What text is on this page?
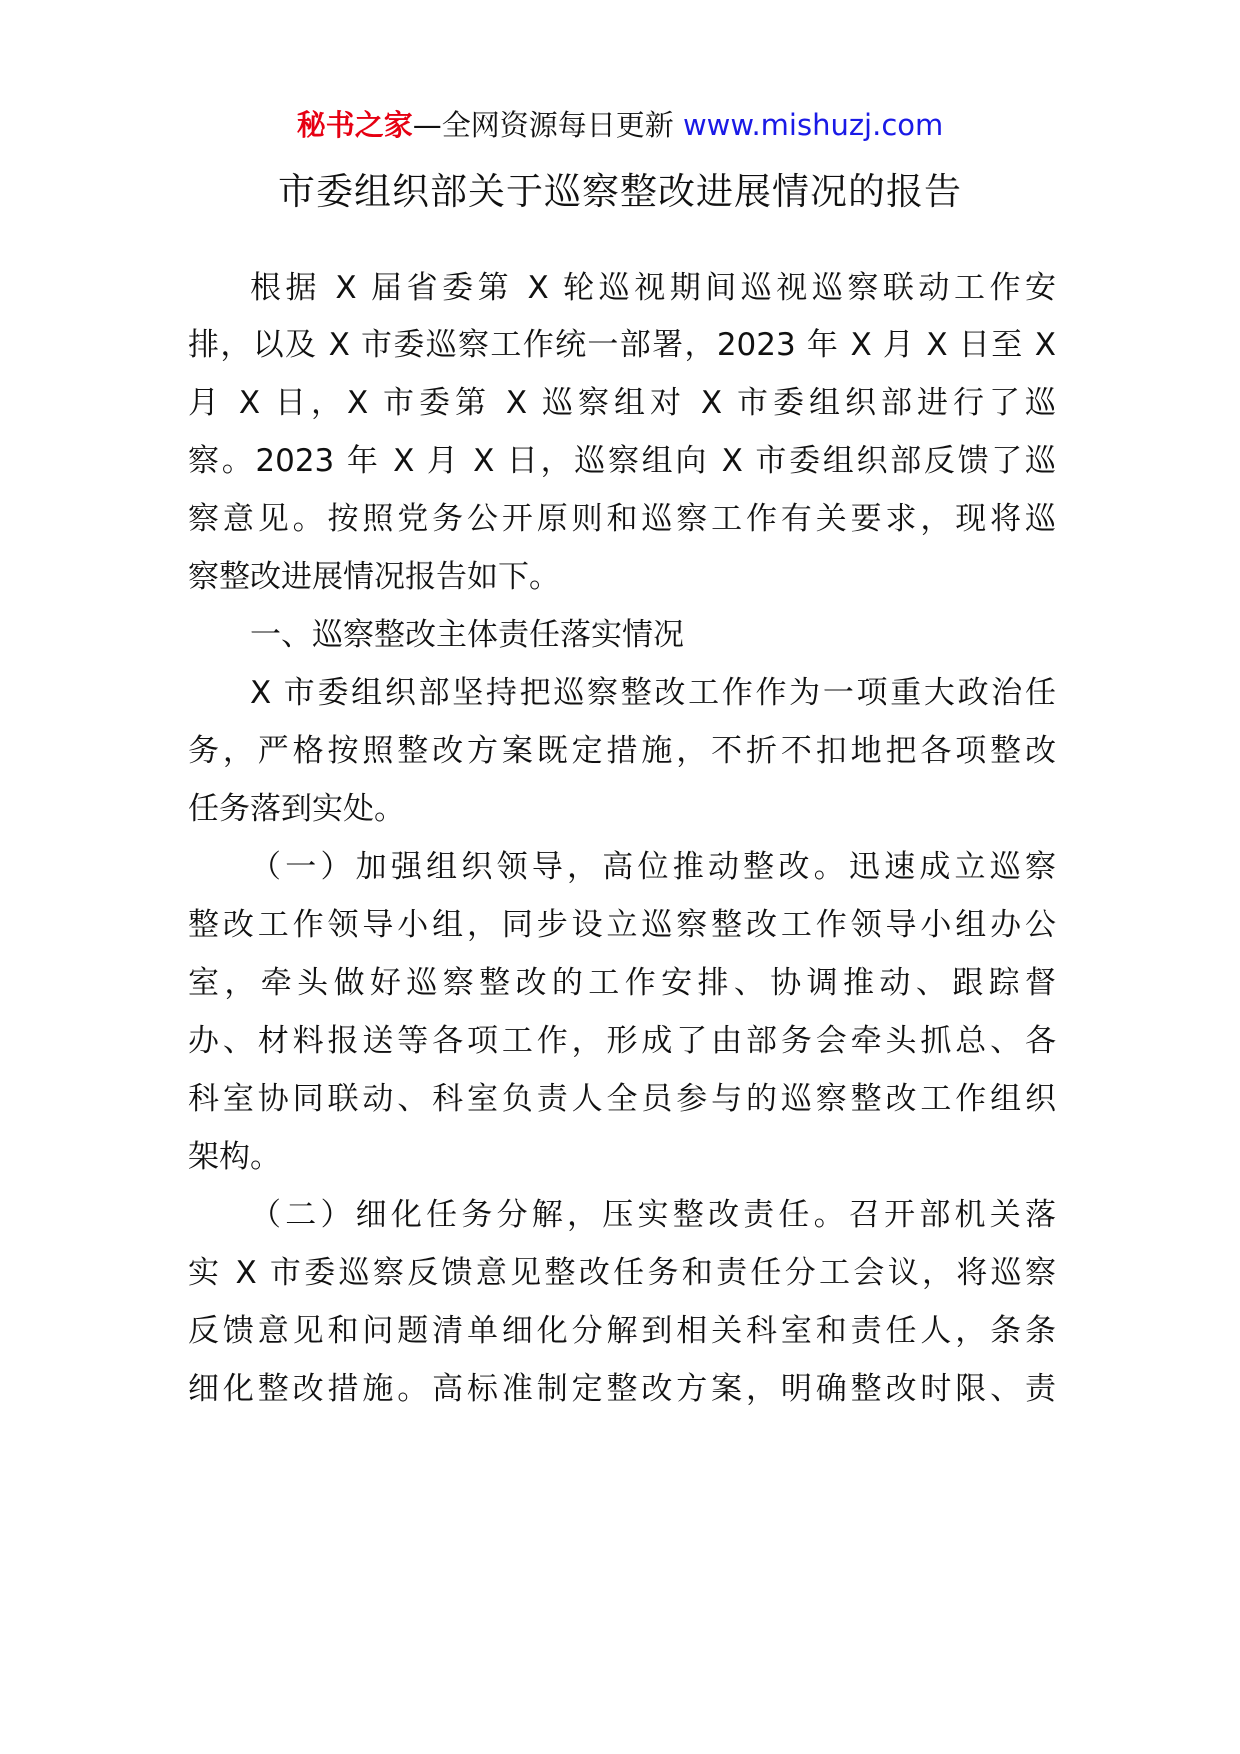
秘书之家—全网资源每日更新 www.mishuzj.com
市委组织部关于巡察整改进展情况的报告
根据 X 届省委第 X 轮巡视期间巡视巡察联动工作安
排，以及 X 市委巡察工作统一部署，2023 年 X 月 X 日至 X
月 X 日，X 市委第 X 巡察组对 X 市委组织部进行了巡
察。2023 年 X 月 X 日，巡察组向 X 市委组织部反馈了巡
察意见。按照党务公开原则和巡察工作有关要求，现将巡
察整改进展情况报告如下。
一、巡察整改主体责任落实情况
X 市委组织部坚持把巡察整改工作作为一项重大政治任
务，严格按照整改方案既定措施，不折不扣地把各项整改
任务落到实处。
（一）加强组织领导，高位推动整改。迅速成立巡察
整改工作领导小组，同步设立巡察整改工作领导小组办公
室，牵头做好巡察整改的工作安排、协调推动、跟踪督
办、材料报送等各项工作，形成了由部务会牵头抓总、各
科室协同联动、科室负责人全员参与的巡察整改工作组织
架构。
（二）细化任务分解，压实整改责任。召开部机关落
实 X 市委巡察反馈意见整改任务和责任分工会议，将巡察
反馈意见和问题清单细化分解到相关科室和责任人，条条
细化整改措施。高标准制定整改方案，明确整改时限、责
